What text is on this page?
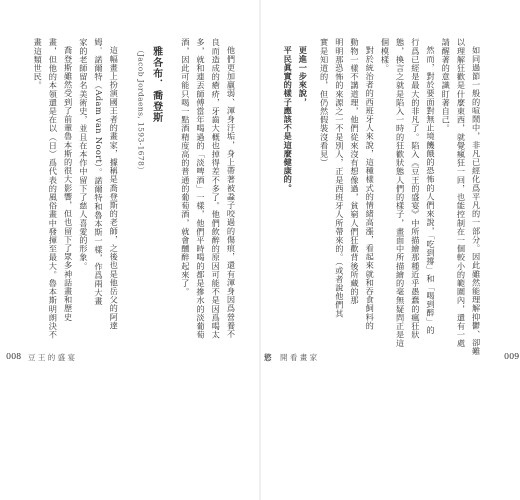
如同過節一般的喧鬧中，非凡已經化爲平凡的一部分。因此雖然能理解抑鬱、卻難
以理解狂歡是什麼東西，就覺瘋狂一回，也能控制在一個較小的範圍內，還有一處
請醒著的意識盯著自己。
然而，對於要面對無止境饑餓的恐怖的人們來說，「吃到撐」和「喝到醉」的
行爲已經是最大的非凡了。陷入《豆王的盛宴》中所描繪那種近乎愚蠢的瘋狂狀
態，換言之就是陷入一時的狂歡狀態人們的樣子，畫面中所描繪的毫無疑問正是這
個模樣。
對於統治者的西班牙人來說，這種樣式的情緒高漲，看起來就和吞食飼料的
動物一樣不講道理，他們從來沒有想像過，貧窮人們狂歡背後所藏的那
明明那恐怖的來源之一不是別人，正是西班牙人所帶來的。（或者說他們其
實是知道的，但仍然假裝沒看見）
更進一步來說，
平民眞實的樣子應該不是這麼健康的。
開 看 畫 家
慾	009
他們更加羸弱、渾身汙垢，身上帶著被蝨子咬過的傷痕，還有渾身因爲營養不
良而造成的瘡疥，牙齒大概也掉得差不多了。他們飲醉的原因可能不是因爲喝太
多，就和連丟師傅當年喝過的「淡啤酒」一樣，他們平時喝的都是摻水的淡葡萄
酒，因此可能只喝一點酒精度高的普通的葡萄酒，就會醺醉起來了。
雅各布．喬登斯
（Jacob Jordaens, 1593-1678）
這幅畫上扮演國王者的畫家，據稱是喬登斯的老師，之後也是他岳父的阿達
姆．諾爾特（Adam van Noort）。諾爾特和魯本斯一樣，作爲兩大畫
家的老師留名美術史，並且在本作中留下了慈人喜愛的形象。
喬登斯雖然受到了前輩魯本斯的很大影響，但也留下了眾多神話畫和歷史
畫，但他的本領還是在以（日）爲代表的風俗畫中發揮至最大。魯本斯明朗決不
畫這類世民。
008 豆 王 的 盛 宴
